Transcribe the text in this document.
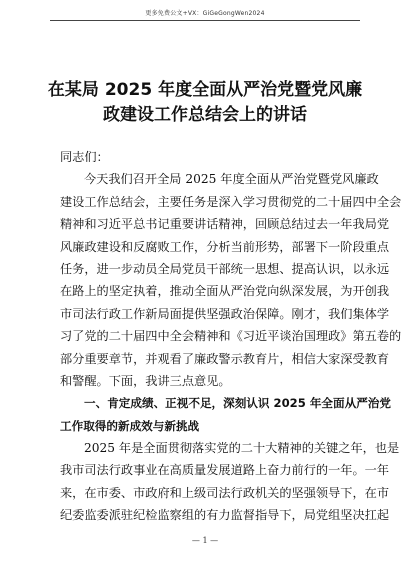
更多免费公文+VX：GiGeGongWen2024
在某局 2025 年度全面从严治党暨党风廉
政建设工作总结会上的讲话
同志们：
今天我们召开全局 2025 年度全面从严治党暨党风廉政
建设工作总结会，主要任务是深入学习贯彻党的二十届四中全会
精神和习近平总书记重要讲话精神，回顾总结过去一年我局党
风廉政建设和反腐败工作，分析当前形势，部署下一阶段重点
任务，进一步动员全局党员干部统一思想、提高认识，以永远
在路上的坚定执着，推动全面从严治党向纵深发展，为开创我
市司法行政工作新局面提供坚强政治保障。刚才，我们集体学
习了党的二十届四中全会精神和《习近平谈治国理政》第五卷的
部分重要章节，并观看了廉政警示教育片，相信大家深受教育
和警醒。下面，我讲三点意见。
一、肯定成绩、正视不足，深刻认识 2025 年全面从严治党
工作取得的新成效与新挑战
2025 年是全面贯彻落实党的二十大精神的关键之年，也是
我市司法行政事业在高质量发展道路上奋力前行的一年。一年
来，在市委、市政府和上级司法行政机关的坚强领导下，在市
纪委监委派驻纪检监察组的有力监督指导下，局党组坚决扛起
— 1 —
